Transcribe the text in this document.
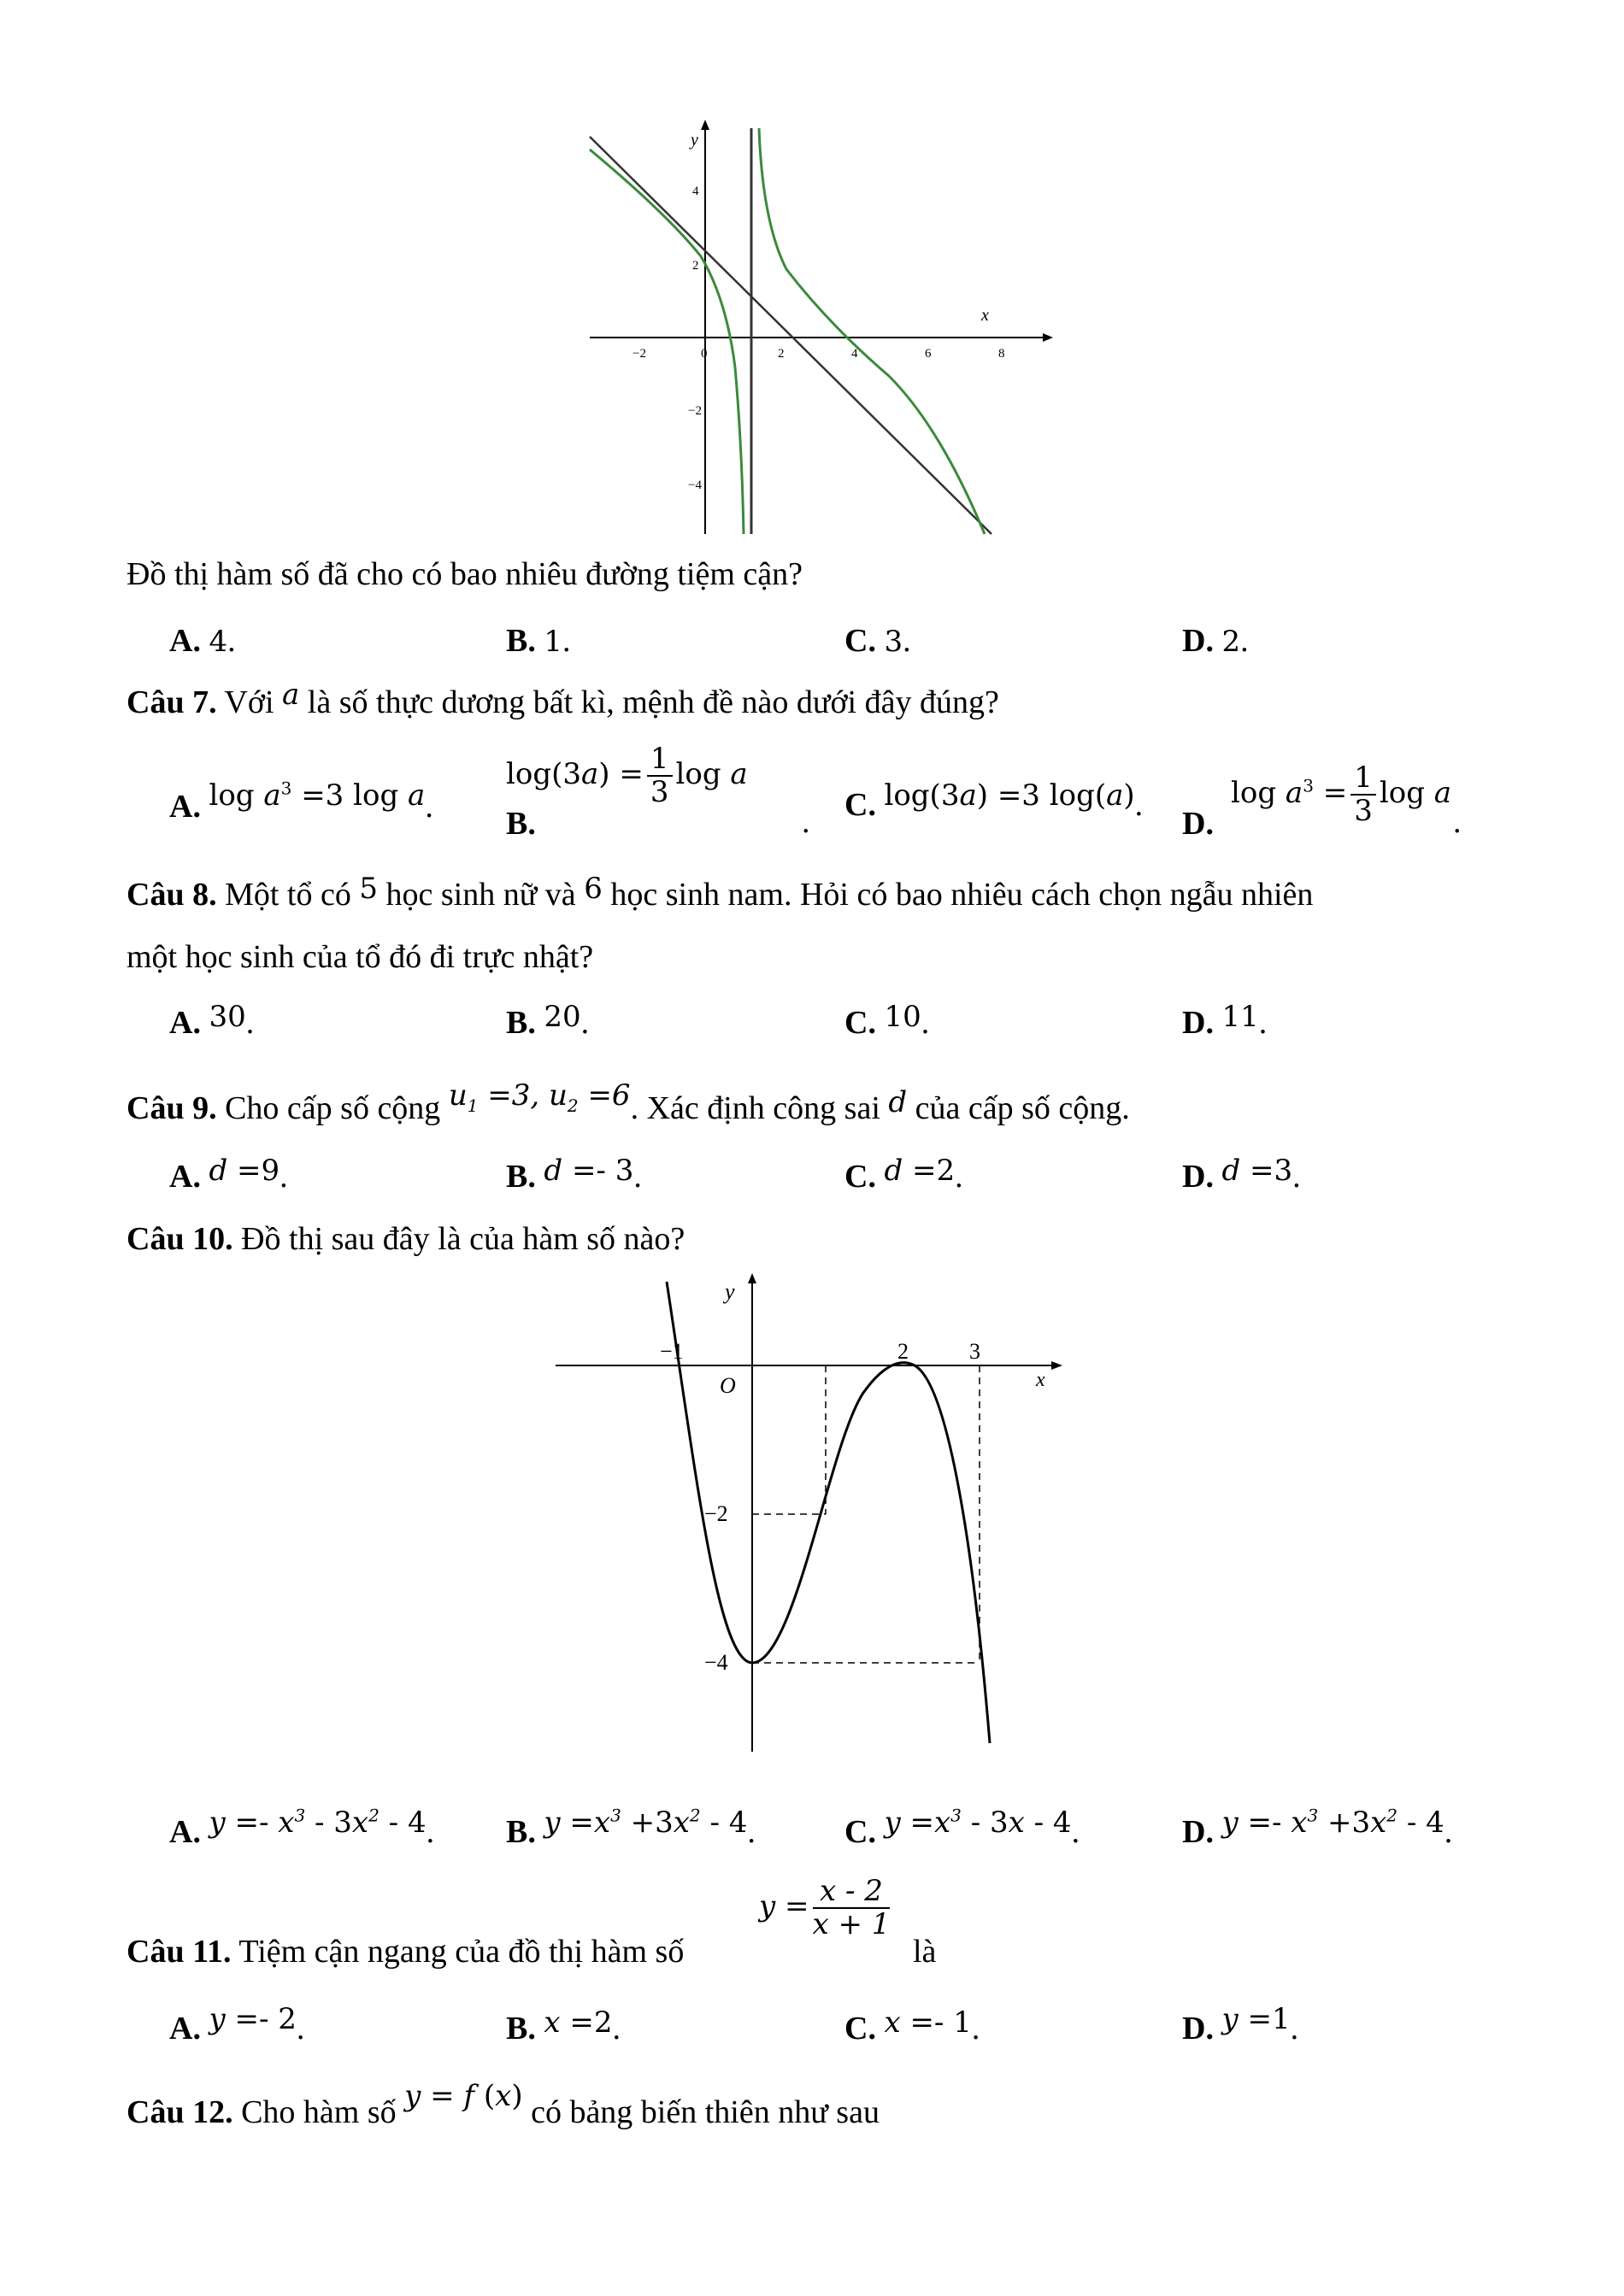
x
y
−2	0	2	4	6	8
4
2
−2
−4
Đồ thị hàm số đã cho có bao nhiêu đường tiệm cận?
A. 4.	B. 1.	C. 3.	D. 2.
Câu 7. Với a là số thực dương bất kì, mệnh đề nào dưới đây đúng?
A. $\log a^3 =3$ log a.
$\log(3a) = \frac{1}{3}$ log a
B.	. C. log(3a) =3 log(a).	$\log a^3 = \frac{1}{3}$ log a
D.	.
Câu 8. Một tổ có 5 học sinh nữ và 6 học sinh nam. Hỏi có bao nhiêu cách chọn ngẫu nhiên
một học sinh của tổ đó đi trực nhật?
A. 30.	B. 20.	C. 10.	D. 11.
Câu 9. Cho cấp số cộng $u_1 =3$, $u_2 =6$. Xác định công sai d của cấp số cộng.
A. d =9.	B. d =- 3.	C. d =2.	D. d =3.
Câu 10. Đồ thị sau đây là của hàm số nào?
x
y
O
−1	2	3
−2
−4
A. $y =- x^3 - 3x^2 - 4$. B. $y =x^3 +3x^2 - 4$.	C. $y =x^3 - 3x - 4$.	D. $y =- x^3 +3x^2 - 4$.
Câu 11. Tiệm cận ngang của đồ thị hàm số
$y = \frac{x - 2}{x + 1}$
là
A. y =- 2.	B. x =2.	C. x =- 1.	D. y =1.
Câu 12. Cho hàm số y = f (x) có bảng biến thiên như sau
